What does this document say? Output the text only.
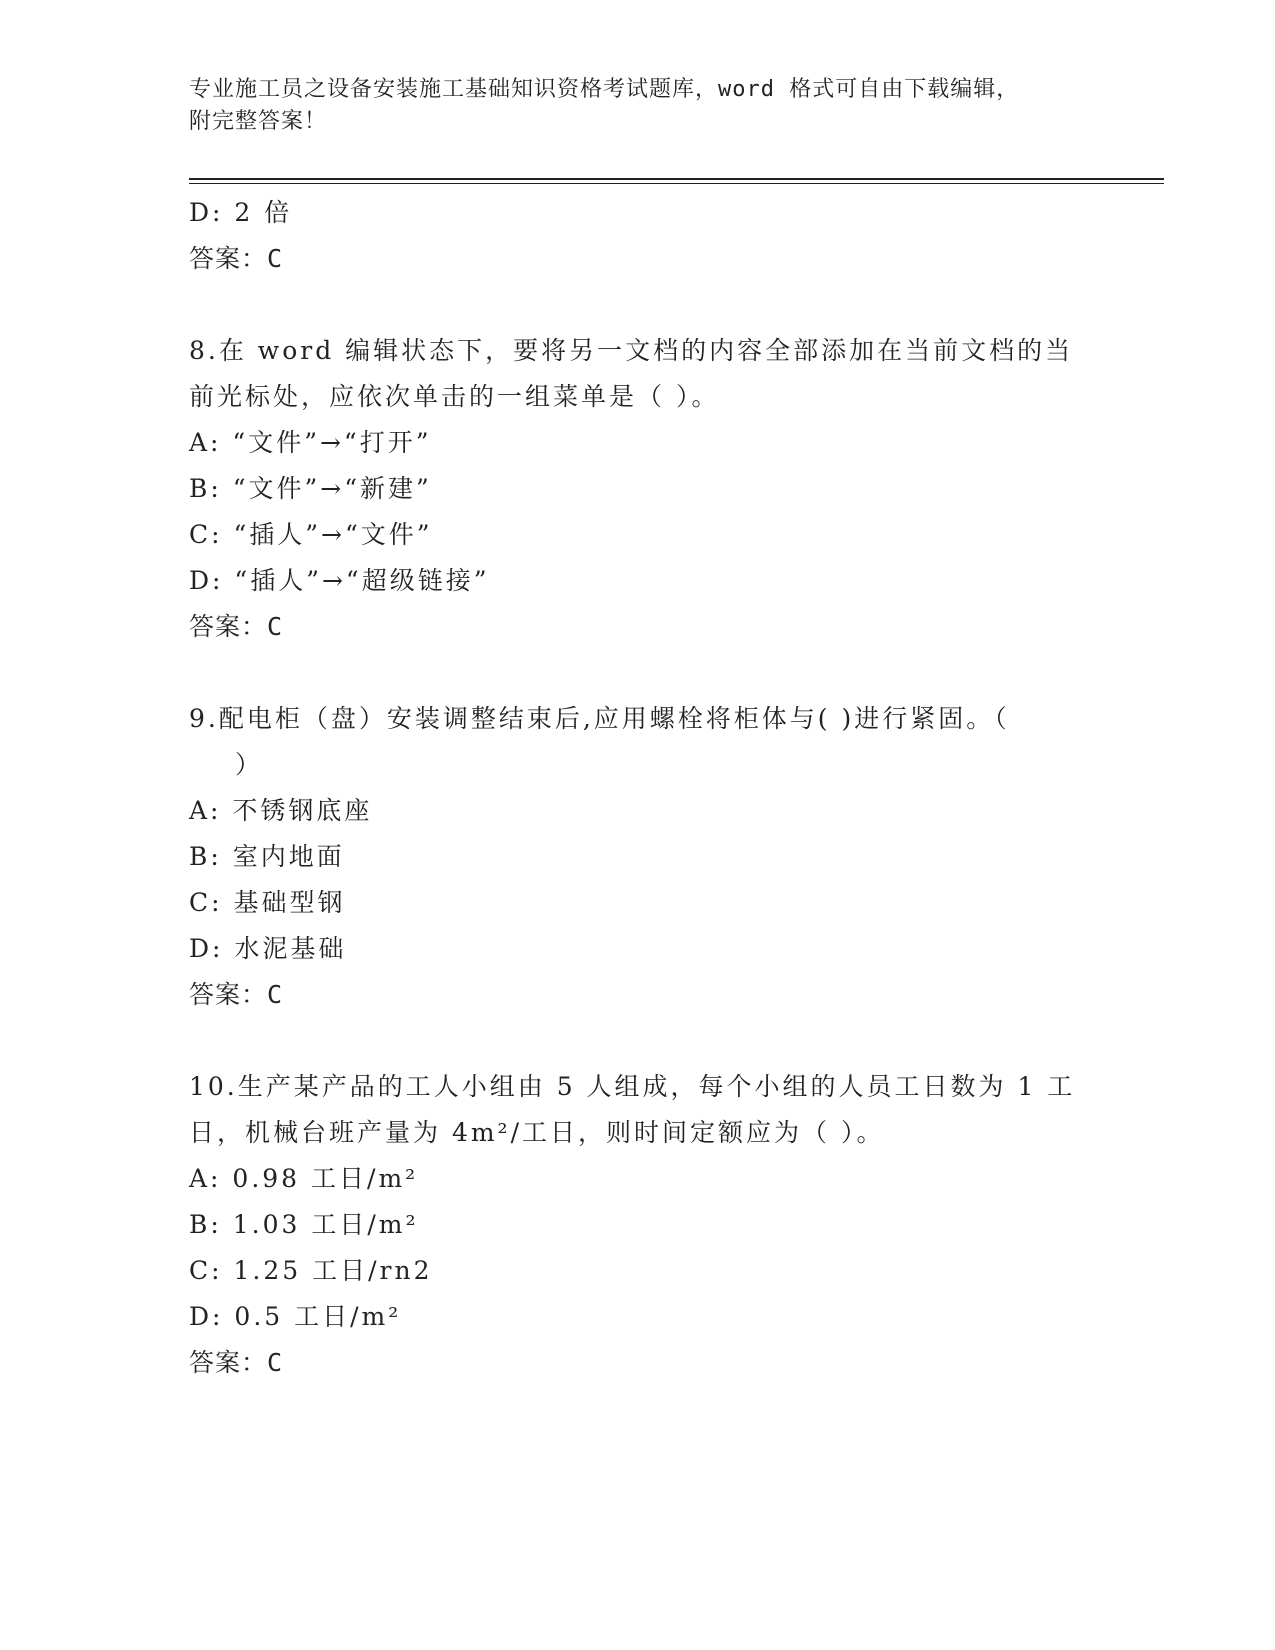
专业施工员之设备安装施工基础知识资格考试题库，word 格式可自由下载编辑，
附完整答案！
D: 2 倍
答案：C
8.在 word 编辑状态下，要将另一文档的内容全部添加在当前文档的当
前光标处，应依次单击的一组菜单是（ ）。
A: “文件”→“打开”
B: “文件”→“新建”
C: “插人”→“文件”
D: “插人”→“超级链接”
答案：C
9.配电柜（盘）安装调整结束后,应用螺栓将柜体与( )进行紧固。（
）
A: 不锈钢底座
B: 室内地面
C: 基础型钢
D: 水泥基础
答案：C
10.生产某产品的工人小组由 5 人组成，每个小组的人员工日数为 1 工
日，机械台班产量为 4m²/工日，则时间定额应为（ ）。
A: 0.98 工日/m²
B: 1.03 工日/m²
C: 1.25 工日/rn2
D: 0.5 工日/m²
答案：C
